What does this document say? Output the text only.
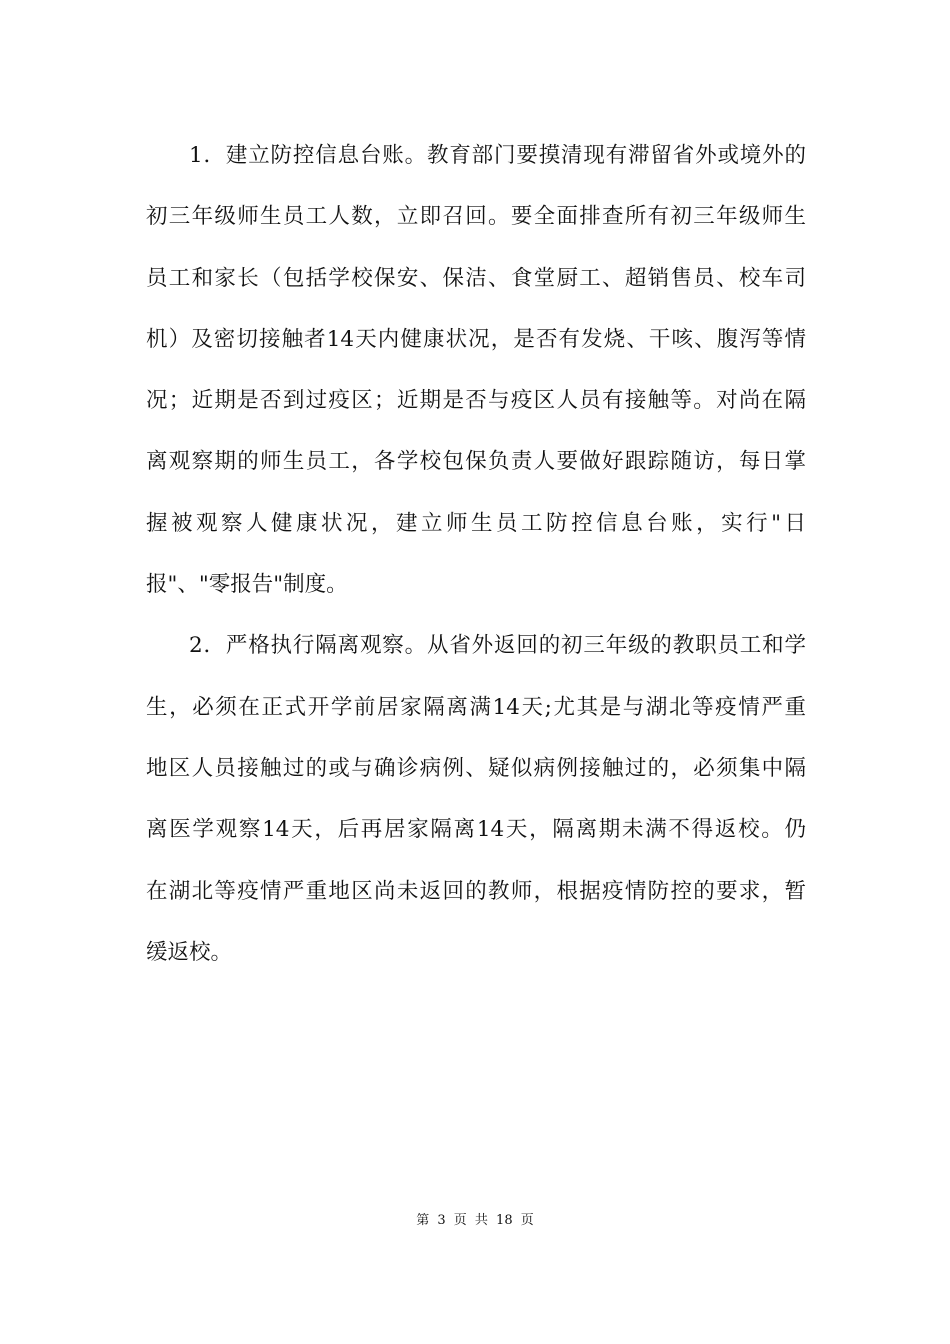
1．建立防控信息台账。教育部门要摸清现有滞留省外或境外的
初三年级师生员工人数，立即召回。要全面排查所有初三年级师生
员工和家长（包括学校保安、保洁、食堂厨工、超销售员、校车司
机）及密切接触者14天内健康状况，是否有发烧、干咳、腹泻等情
况；近期是否到过疫区；近期是否与疫区人员有接触等。对尚在隔
离观察期的师生员工，各学校包保负责人要做好跟踪随访，每日掌
握被观察人健康状况，建立师生员工防控信息台账，实行"日
报"、"零报告"制度。
2．严格执行隔离观察。从省外返回的初三年级的教职员工和学
生，必须在正式开学前居家隔离满14天;尤其是与湖北等疫情严重
地区人员接触过的或与确诊病例、疑似病例接触过的，必须集中隔
离医学观察14天，后再居家隔离14天，隔离期未满不得返校。仍
在湖北等疫情严重地区尚未返回的教师，根据疫情防控的要求，暂
缓返校。
第 3 页 共 18 页
